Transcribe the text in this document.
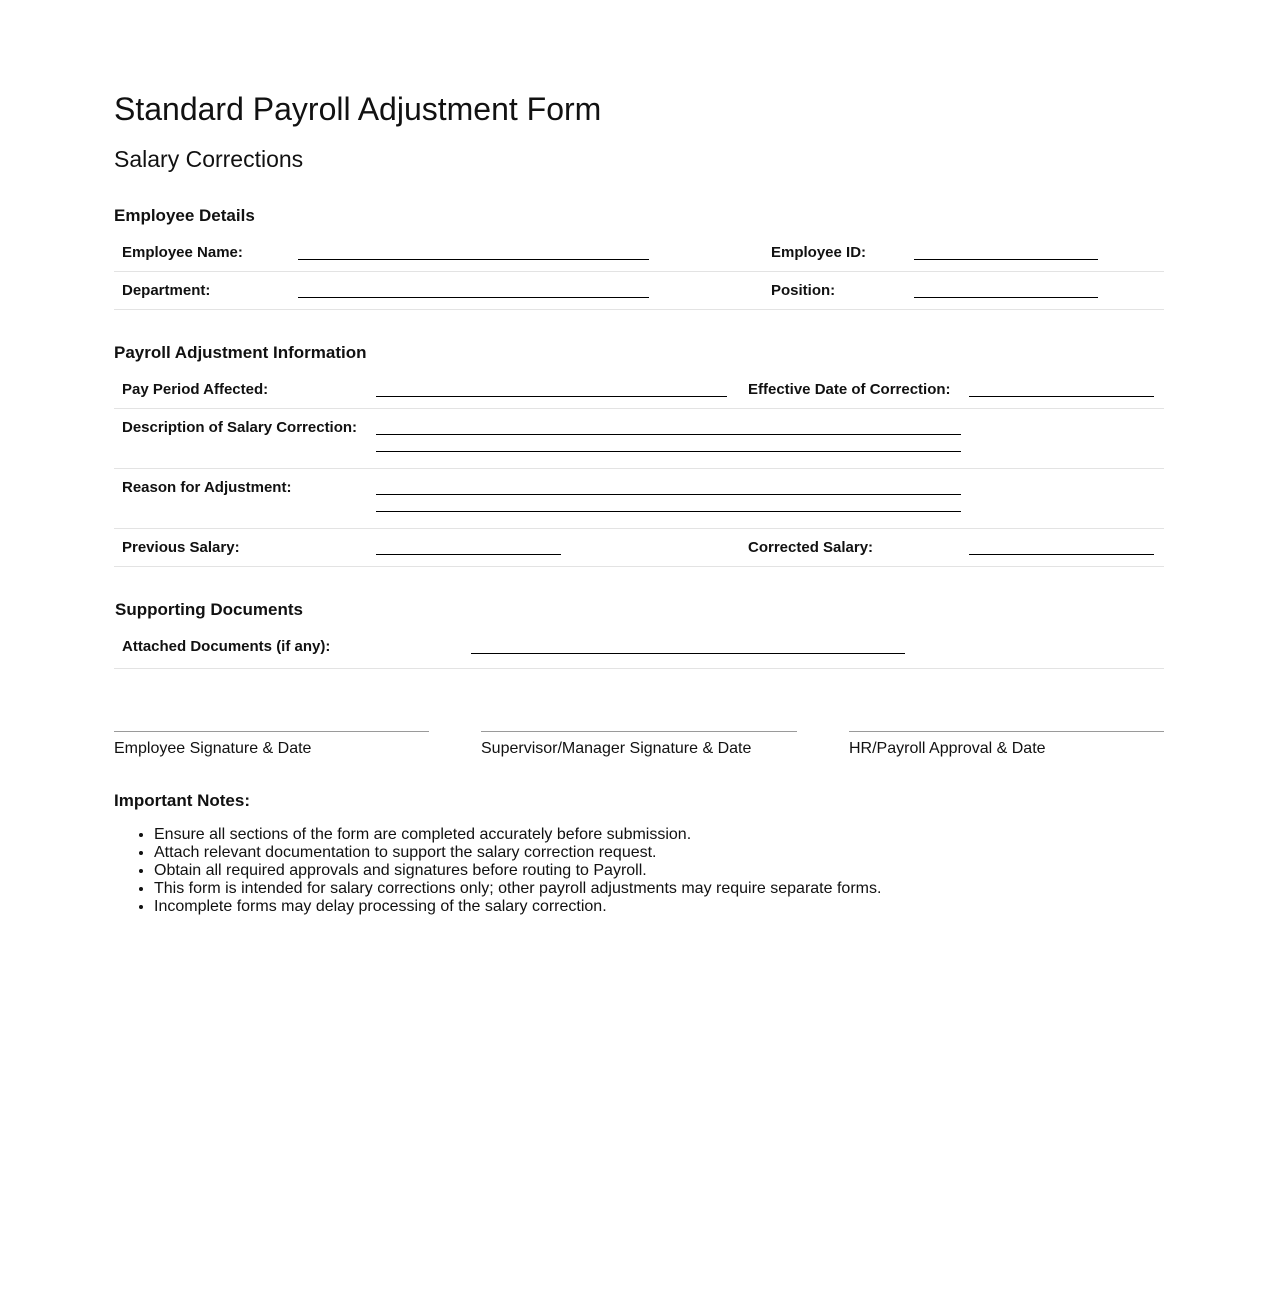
Standard Payroll Adjustment Form
Salary Corrections
Employee Details
Employee Name:	Employee ID:
Department:	Position:
Payroll Adjustment Information
Pay Period Affected:	Effective Date of Correction:
Description of Salary Correction:
Reason for Adjustment:
Previous Salary:	Corrected Salary:
Supporting Documents
Attached Documents (if any):
Employee Signature & Date	Supervisor/Manager Signature & Date	HR/Payroll Approval & Date
Important Notes:
• Ensure all sections of the form are completed accurately before submission.
• Attach relevant documentation to support the salary correction request.
• Obtain all required approvals and signatures before routing to Payroll.
• This form is intended for salary corrections only; other payroll adjustments may require separate forms.
• Incomplete forms may delay processing of the salary correction.
